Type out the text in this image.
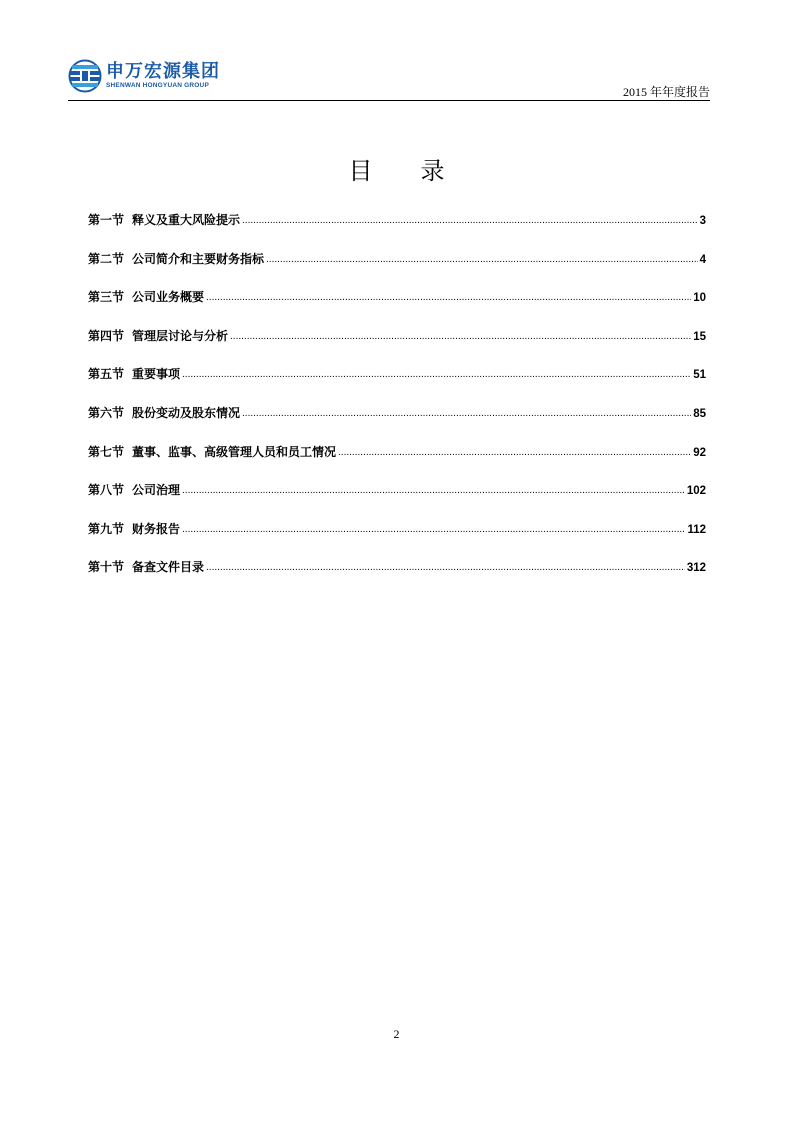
申万宏源集团
SHENWAN HONGYUAN GROUP	2015 年年度报告
目 录
第一节 释义及重大风险提示 .....	3
第二节 公司简介和主要财务指标 .....	4
第三节 公司业务概要 .....	10
第四节 管理层讨论与分析 .....	15
第五节 重要事项 .....	51
第六节 股份变动及股东情况 .....	85
第七节 董事、监事、高级管理人员和员工情况 .....	92
第八节 公司治理 .....	102
第九节 财务报告 .....	112
第十节 备查文件目录 .....	312
2
